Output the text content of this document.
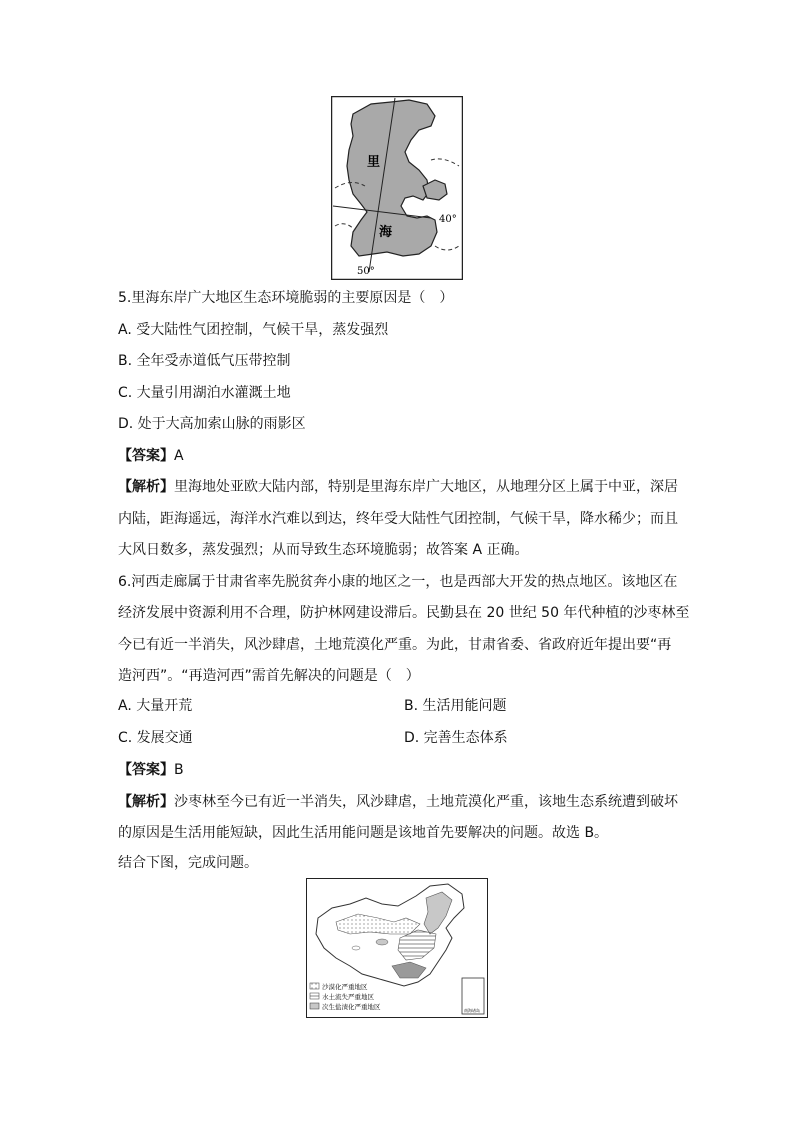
里
海
40°
50°
5.里海东岸广大地区生态环境脆弱的主要原因是（　）
A. 受大陆性气团控制，气候干旱，蒸发强烈
B. 全年受赤道低气压带控制
C. 大量引用湖泊水灌溉土地
D. 处于大高加索山脉的雨影区
【答案】A
【解析】里海地处亚欧大陆内部，特别是里海东岸广大地区，从地理分区上属于中亚，深居
内陆，距海遥远，海洋水汽难以到达，终年受大陆性气团控制，气候干旱，降水稀少；而且
大风日数多，蒸发强烈；从而导致生态环境脆弱；故答案 A 正确。
6.河西走廊属于甘肃省率先脱贫奔小康的地区之一，也是西部大开发的热点地区。该地区在
经济发展中资源利用不合理，防护林网建设滞后。民勤县在 20 世纪 50 年代种植的沙枣林至
今已有近一半消失，风沙肆虐，土地荒漠化严重。为此，甘肃省委、省政府近年提出要“再
造河西”。“再造河西”需首先解决的问题是（　）
A. 大量开荒	B. 生活用能问题
C. 发展交通	D. 完善生态体系
【答案】B
【解析】沙枣林至今已有近一半消失，风沙肆虐，土地荒漠化严重，该地生态系统遭到破坏
的原因是生活用能短缺，因此生活用能问题是该地首先要解决的问题。故选 B。
结合下图，完成问题。
南海诸岛
沙漠化严重地区
水土流失严重地区
次生盐渍化严重地区
